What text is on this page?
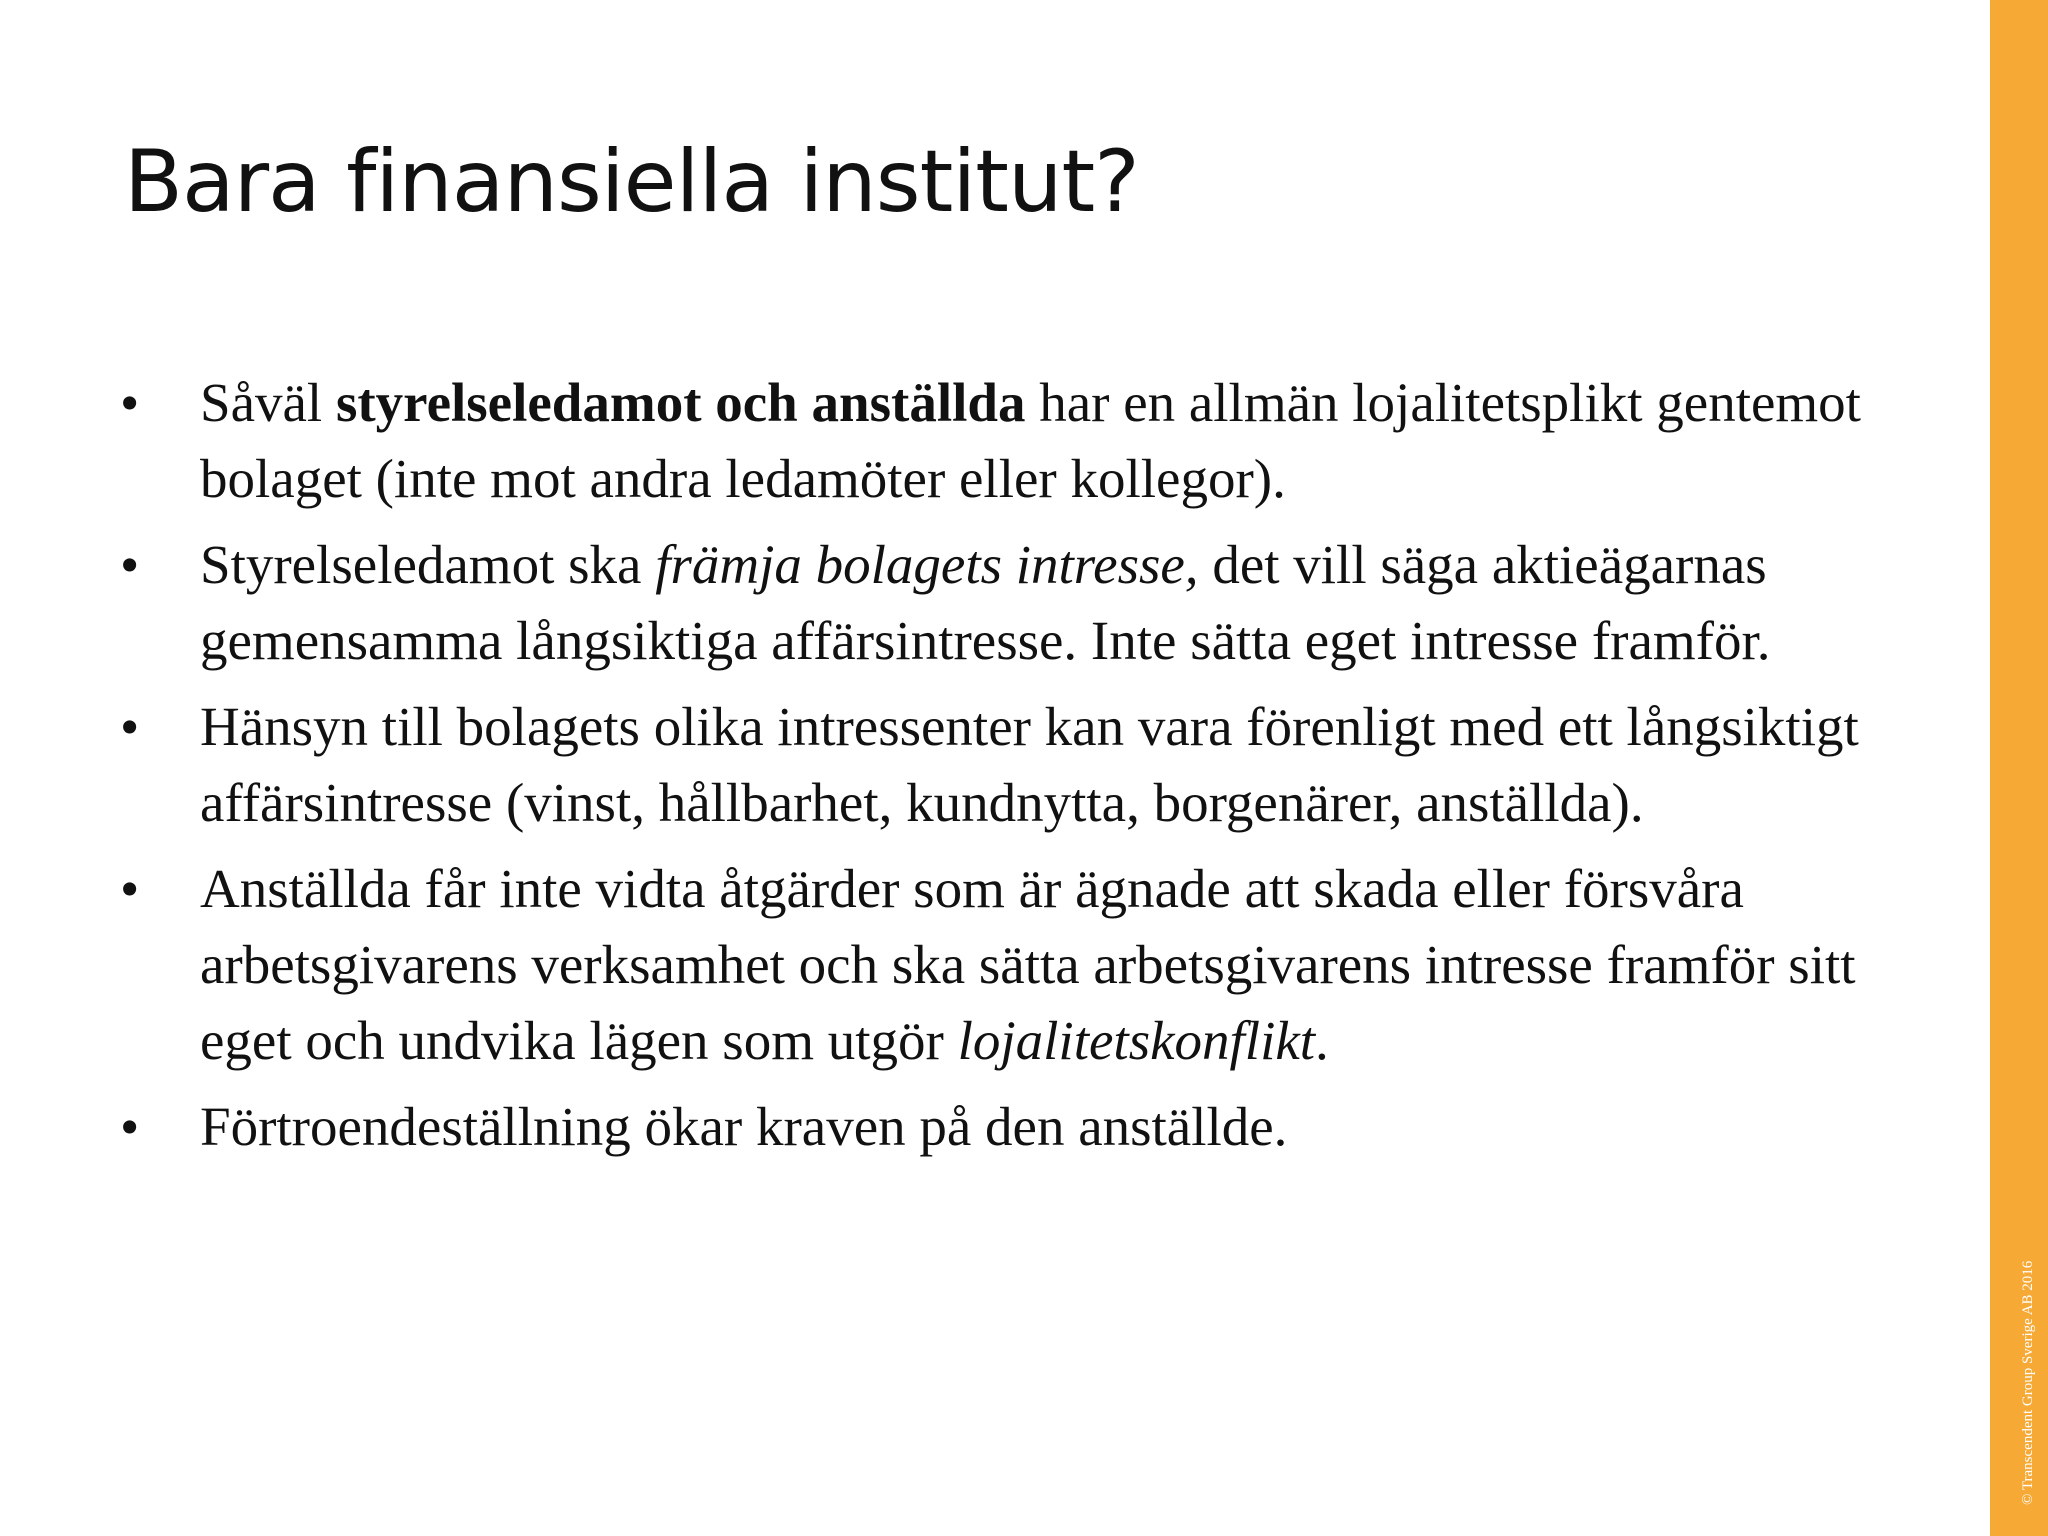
Bara finansiella institut?
• Såväl styrelseledamot och anställda har en allmän lojalitetsplikt gentemot bolaget (inte mot andra ledamöter eller kollegor).
• Styrelseledamot ska främja bolagets intresse, det vill säga aktieägarnas gemensamma långsiktiga affärsintresse. Inte sätta eget intresse framför.
• Hänsyn till bolagets olika intressenter kan vara förenligt med ett långsiktigt affärsintresse (vinst, hållbarhet, kundnytta, borgenärer, anställda).
• Anställda får inte vidta åtgärder som är ägnade att skada eller försvåra arbetsgivarens verksamhet och ska sätta arbetsgivarens intresse framför sitt eget och undvika lägen som utgör lojalitetskonflikt.
• Förtroendeställning ökar kraven på den anställde.
© Transcendent Group Sverige AB 2016
